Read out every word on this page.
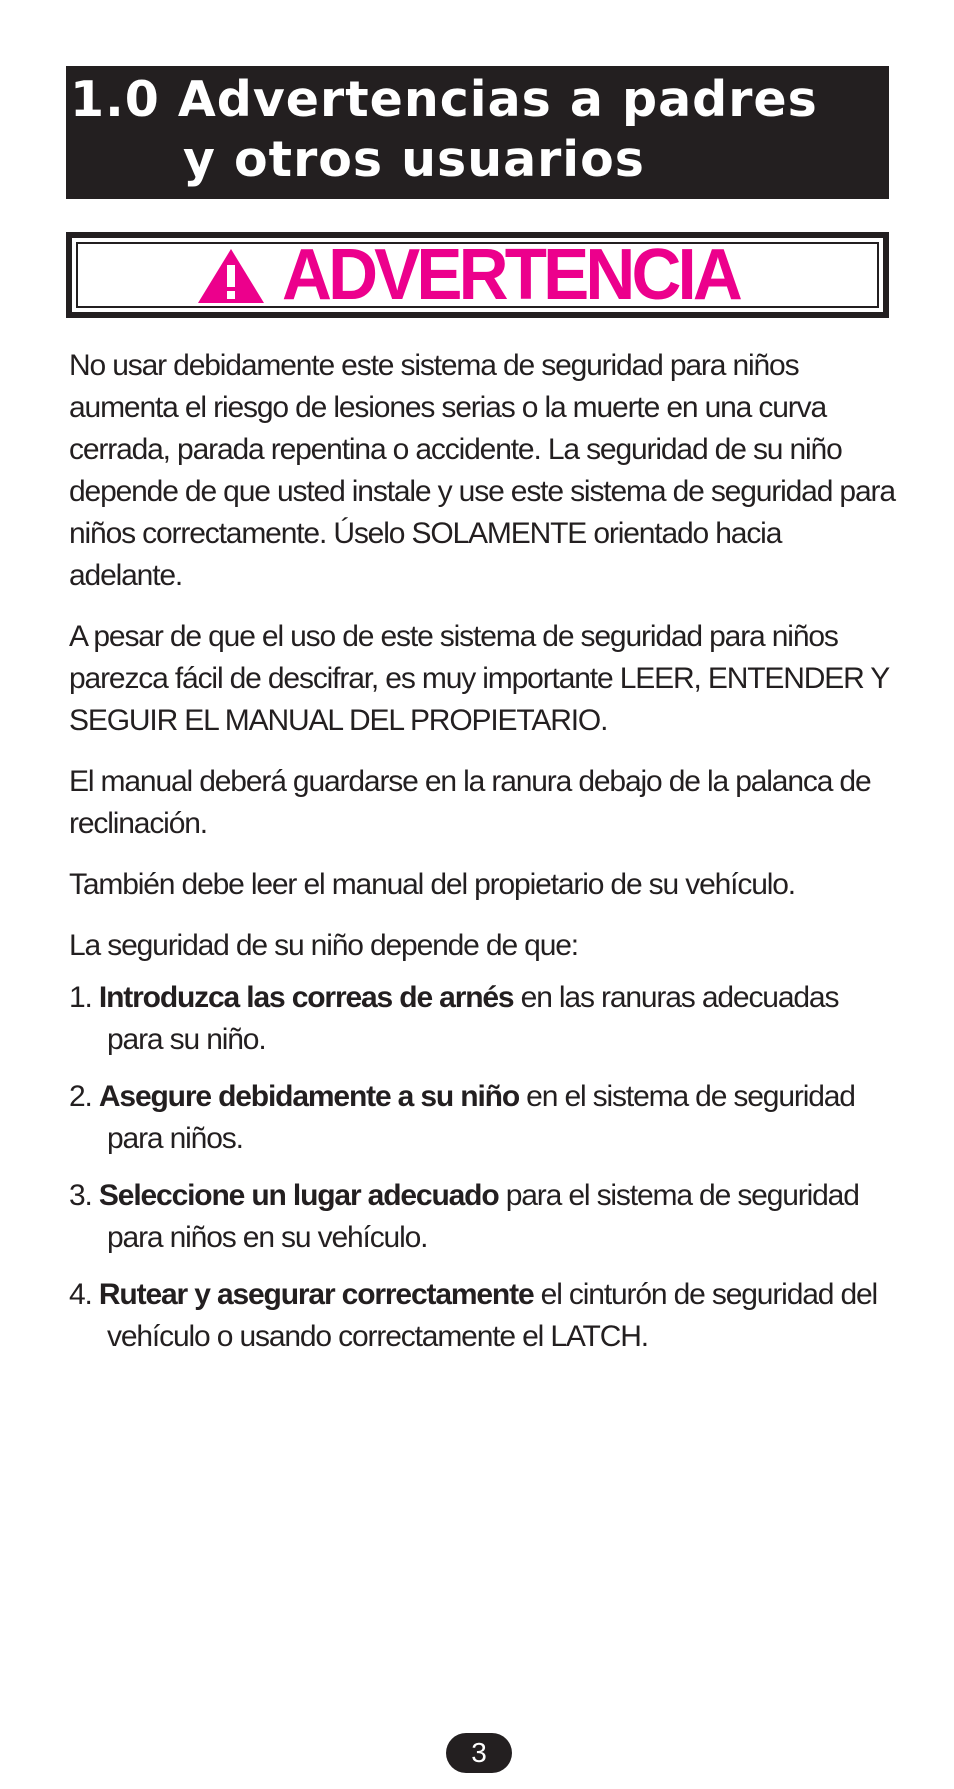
1.0 Advertencias a padres
y otros usuarios
ADVERTENCIA

No usar debidamente este sistema de seguridad para niños aumenta el riesgo de lesiones serias o la muerte en una curva cerrada, parada repentina o accidente. La seguridad de su niño depende de que usted instale y use este sistema de seguridad para niños correctamente. Úselo SOLAMENTE orientado hacia adelante.

A pesar de que el uso de este sistema de seguridad para niños parezca fácil de descifrar, es muy importante LEER, ENTENDER Y SEGUIR EL MANUAL DEL PROPIETARIO.

El manual deberá guardarse en la ranura debajo de la palanca de reclinación.

También debe leer el manual del propietario de su vehículo.

La seguridad de su niño depende de que:

1. Introduzca las correas de arnés en las ranuras adecuadas para su niño.
2. Asegure debidamente a su niño en el sistema de seguridad para niños.
3. Seleccione un lugar adecuado para el sistema de seguridad para niños en su vehículo.
4. Rutear y asegurar correctamente el cinturón de seguridad del vehículo o usando correctamente el LATCH.
3
